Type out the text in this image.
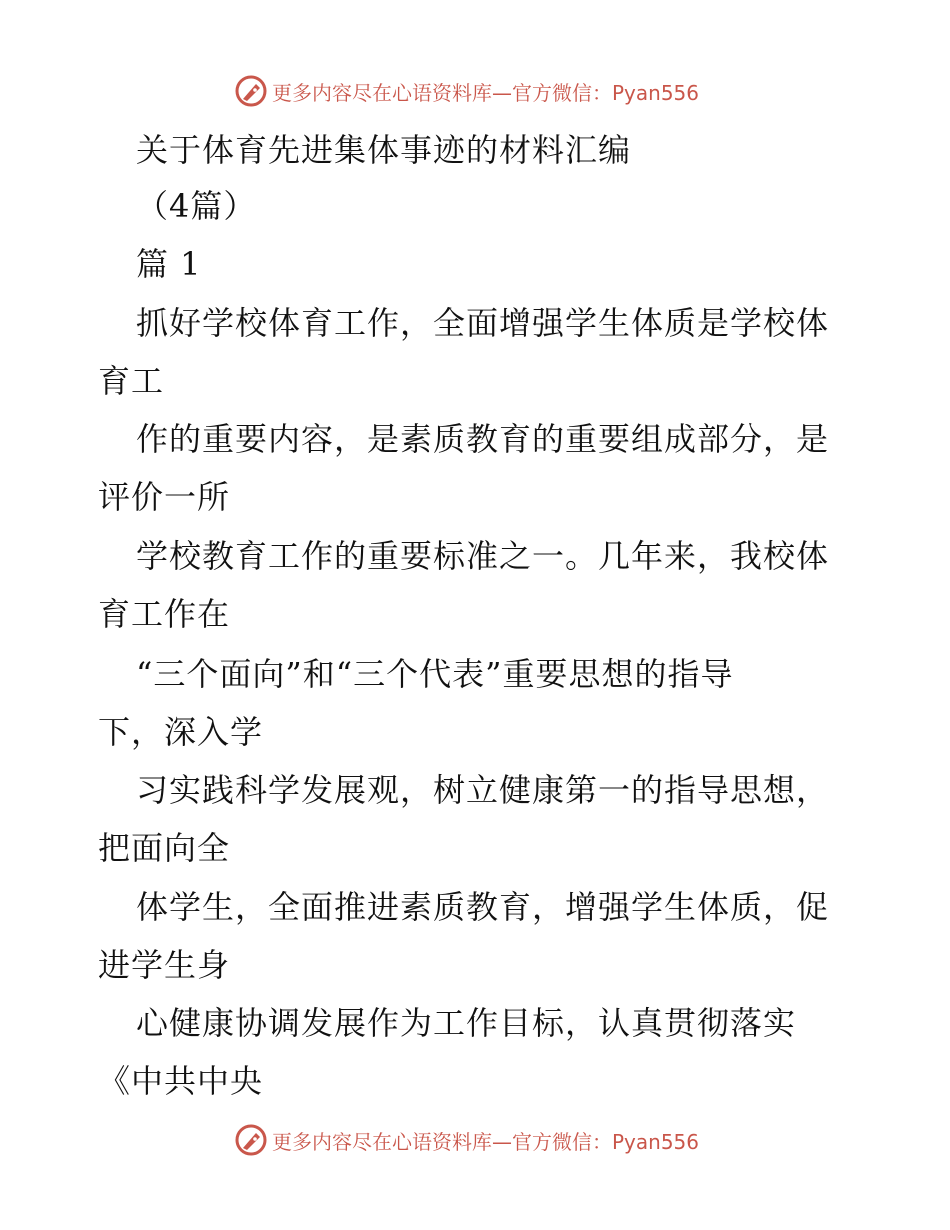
更多内容尽在心语资料库—官方微信：Pyan556
关于体育先进集体事迹的材料汇编
（4篇）
篇 1
抓好学校体育工作，全面增强学生体质是学校体
育工
作的重要内容，是素质教育的重要组成部分，是
评价一所
学校教育工作的重要标准之一。几年来，我校体
育工作在
“三个面向”和“三个代表”重要思想的指导
下，深入学
习实践科学发展观，树立健康第一的指导思想，
把面向全
体学生，全面推进素质教育，增强学生体质，促
进学生身
心健康协调发展作为工作目标，认真贯彻落实
《中共中央
更多内容尽在心语资料库—官方微信：Pyan556
